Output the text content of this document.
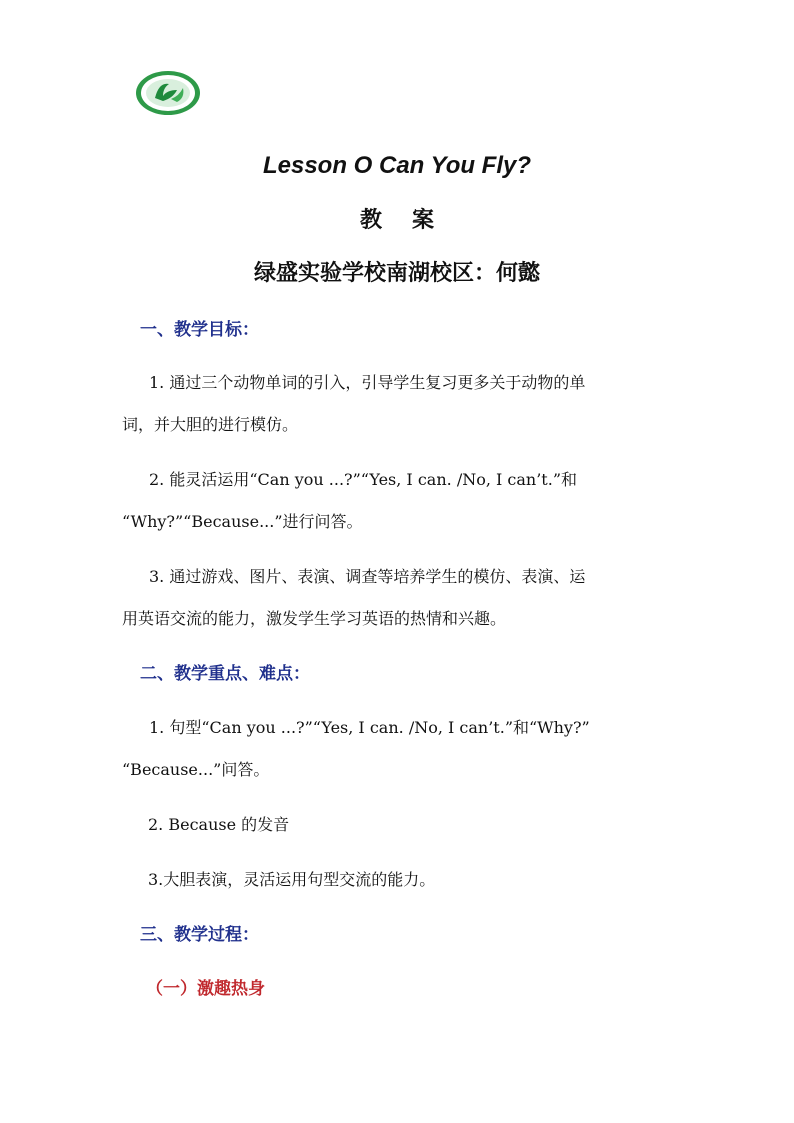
Lesson O Can You Fly?
教案
绿盛实验学校南湖校区：何懿
一、教学目标：
1. 通过三个动物单词的引入，引导学生复习更多关于动物的单
词，并大胆的进行模仿。
2. 能灵活运用“Can you ...?”“Yes, I can. /No, I can’t.”和
“Why?”“Because...”进行问答。
3. 通过游戏、图片、表演、调查等培养学生的模仿、表演、运
用英语交流的能力，激发学生学习英语的热情和兴趣。
二、教学重点、难点：
1. 句型“Can you ...?”“Yes, I can. /No, I can’t.”和“Why?”
“Because...”问答。
2. Because 的发音
3.大胆表演，灵活运用句型交流的能力。
三、教学过程：
（一）激趣热身
